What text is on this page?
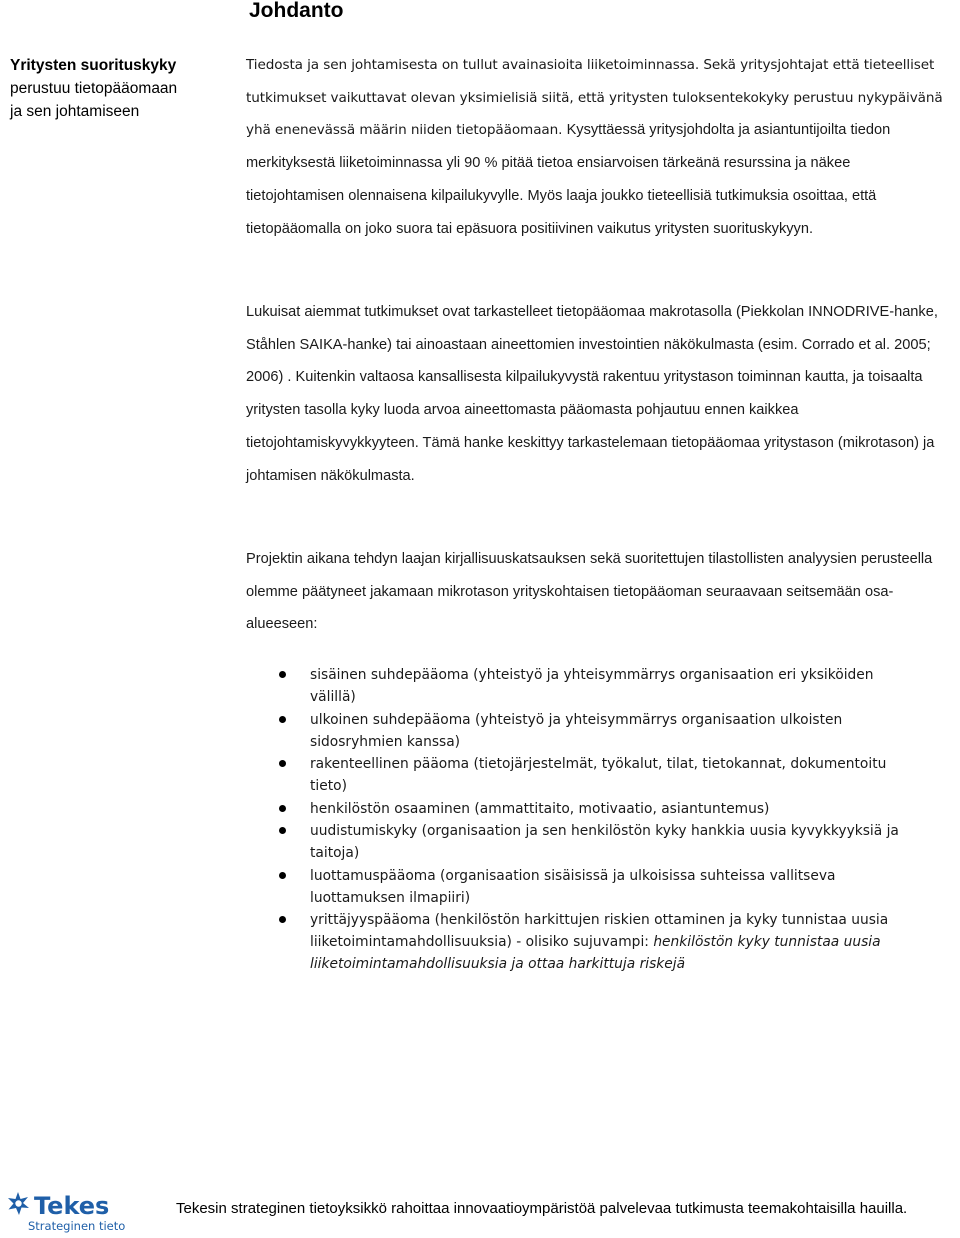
Johdanto
Yritysten suorituskyky
perustuu tietopääomaan
ja sen johtamiseen
Tiedosta ja sen johtamisesta on tullut avainasioita liiketoiminnassa. Sekä yritysjohtajat että tieteelliset tutkimukset vaikuttavat olevan yksimielisiä siitä, että yritysten tuloksentekokyky perustuu nykypäivänä yhä enenevässä määrin niiden tietopääomaan. Kysyttäessä yritysjohdolta ja asiantuntijoilta tiedon merkityksestä liiketoiminnassa yli 90 % pitää tietoa ensiarvoisen tärkeänä resurssina ja näkee tietojohtamisen olennaisena kilpailukyvylle. Myös laaja joukko tieteellisiä tutkimuksia osoittaa, että tietopääomalla on joko suora tai epäsuora positiivinen vaikutus yritysten suorituskykyyn.
Lukuisat aiemmat tutkimukset ovat tarkastelleet tietopääomaa makrotasolla (Piekkolan INNODRIVE-hanke, Ståhlen SAIKA-hanke) tai ainoastaan aineettomien investointien näkökulmasta (esim. Corrado et al. 2005; 2006) . Kuitenkin valtaosa kansallisesta kilpailukyvystä rakentuu yritystason toiminnan kautta, ja toisaalta yritysten tasolla kyky luoda arvoa aineettomasta pääomasta pohjautuu ennen kaikkea tietojohtamiskyvykkyyteen. Tämä hanke keskittyy tarkastelemaan tietopääomaa yritystason (mikrotason) ja johtamisen näkökulmasta.
Projektin aikana tehdyn laajan kirjallisuuskatsauksen sekä suoritettujen tilastollisten analyysien perusteella olemme päätyneet jakamaan mikrotason yrityskohtaisen tietopääoman seuraavaan seitsemään osa-alueeseen:
sisäinen suhdepääoma (yhteistyö ja yhteisymmärrys organisaation eri yksiköiden välillä)
ulkoinen suhdepääoma (yhteistyö ja yhteisymmärrys organisaation ulkoisten sidosryhmien kanssa)
rakenteellinen pääoma (tietojärjestelmät, työkalut, tilat, tietokannat, dokumentoitu tieto)
henkilöstön osaaminen (ammattitaito, motivaatio, asiantuntemus)
uudistumiskyky (organisaation ja sen henkilöstön kyky hankkia uusia kyvykkyyksiä ja taitoja)
luottamuspääoma (organisaation sisäisissä ja ulkoisissa suhteissa vallitseva luottamuksen ilmapiiri)
yrittäjyyspääoma (henkilöstön harkittujen riskien ottaminen ja kyky tunnistaa uusia liiketoimintamahdollisuuksia) - olisiko sujuvampi: henkilöstön kyky tunnistaa uusia liiketoimintamahdollisuuksia ja ottaa harkittuja riskejä
Tekes
Strateginen tieto
Tekesin strateginen tietoyksikkö rahoittaa innovaatioympäristöä palvelevaa tutkimusta teemakohtaisilla hauilla.
